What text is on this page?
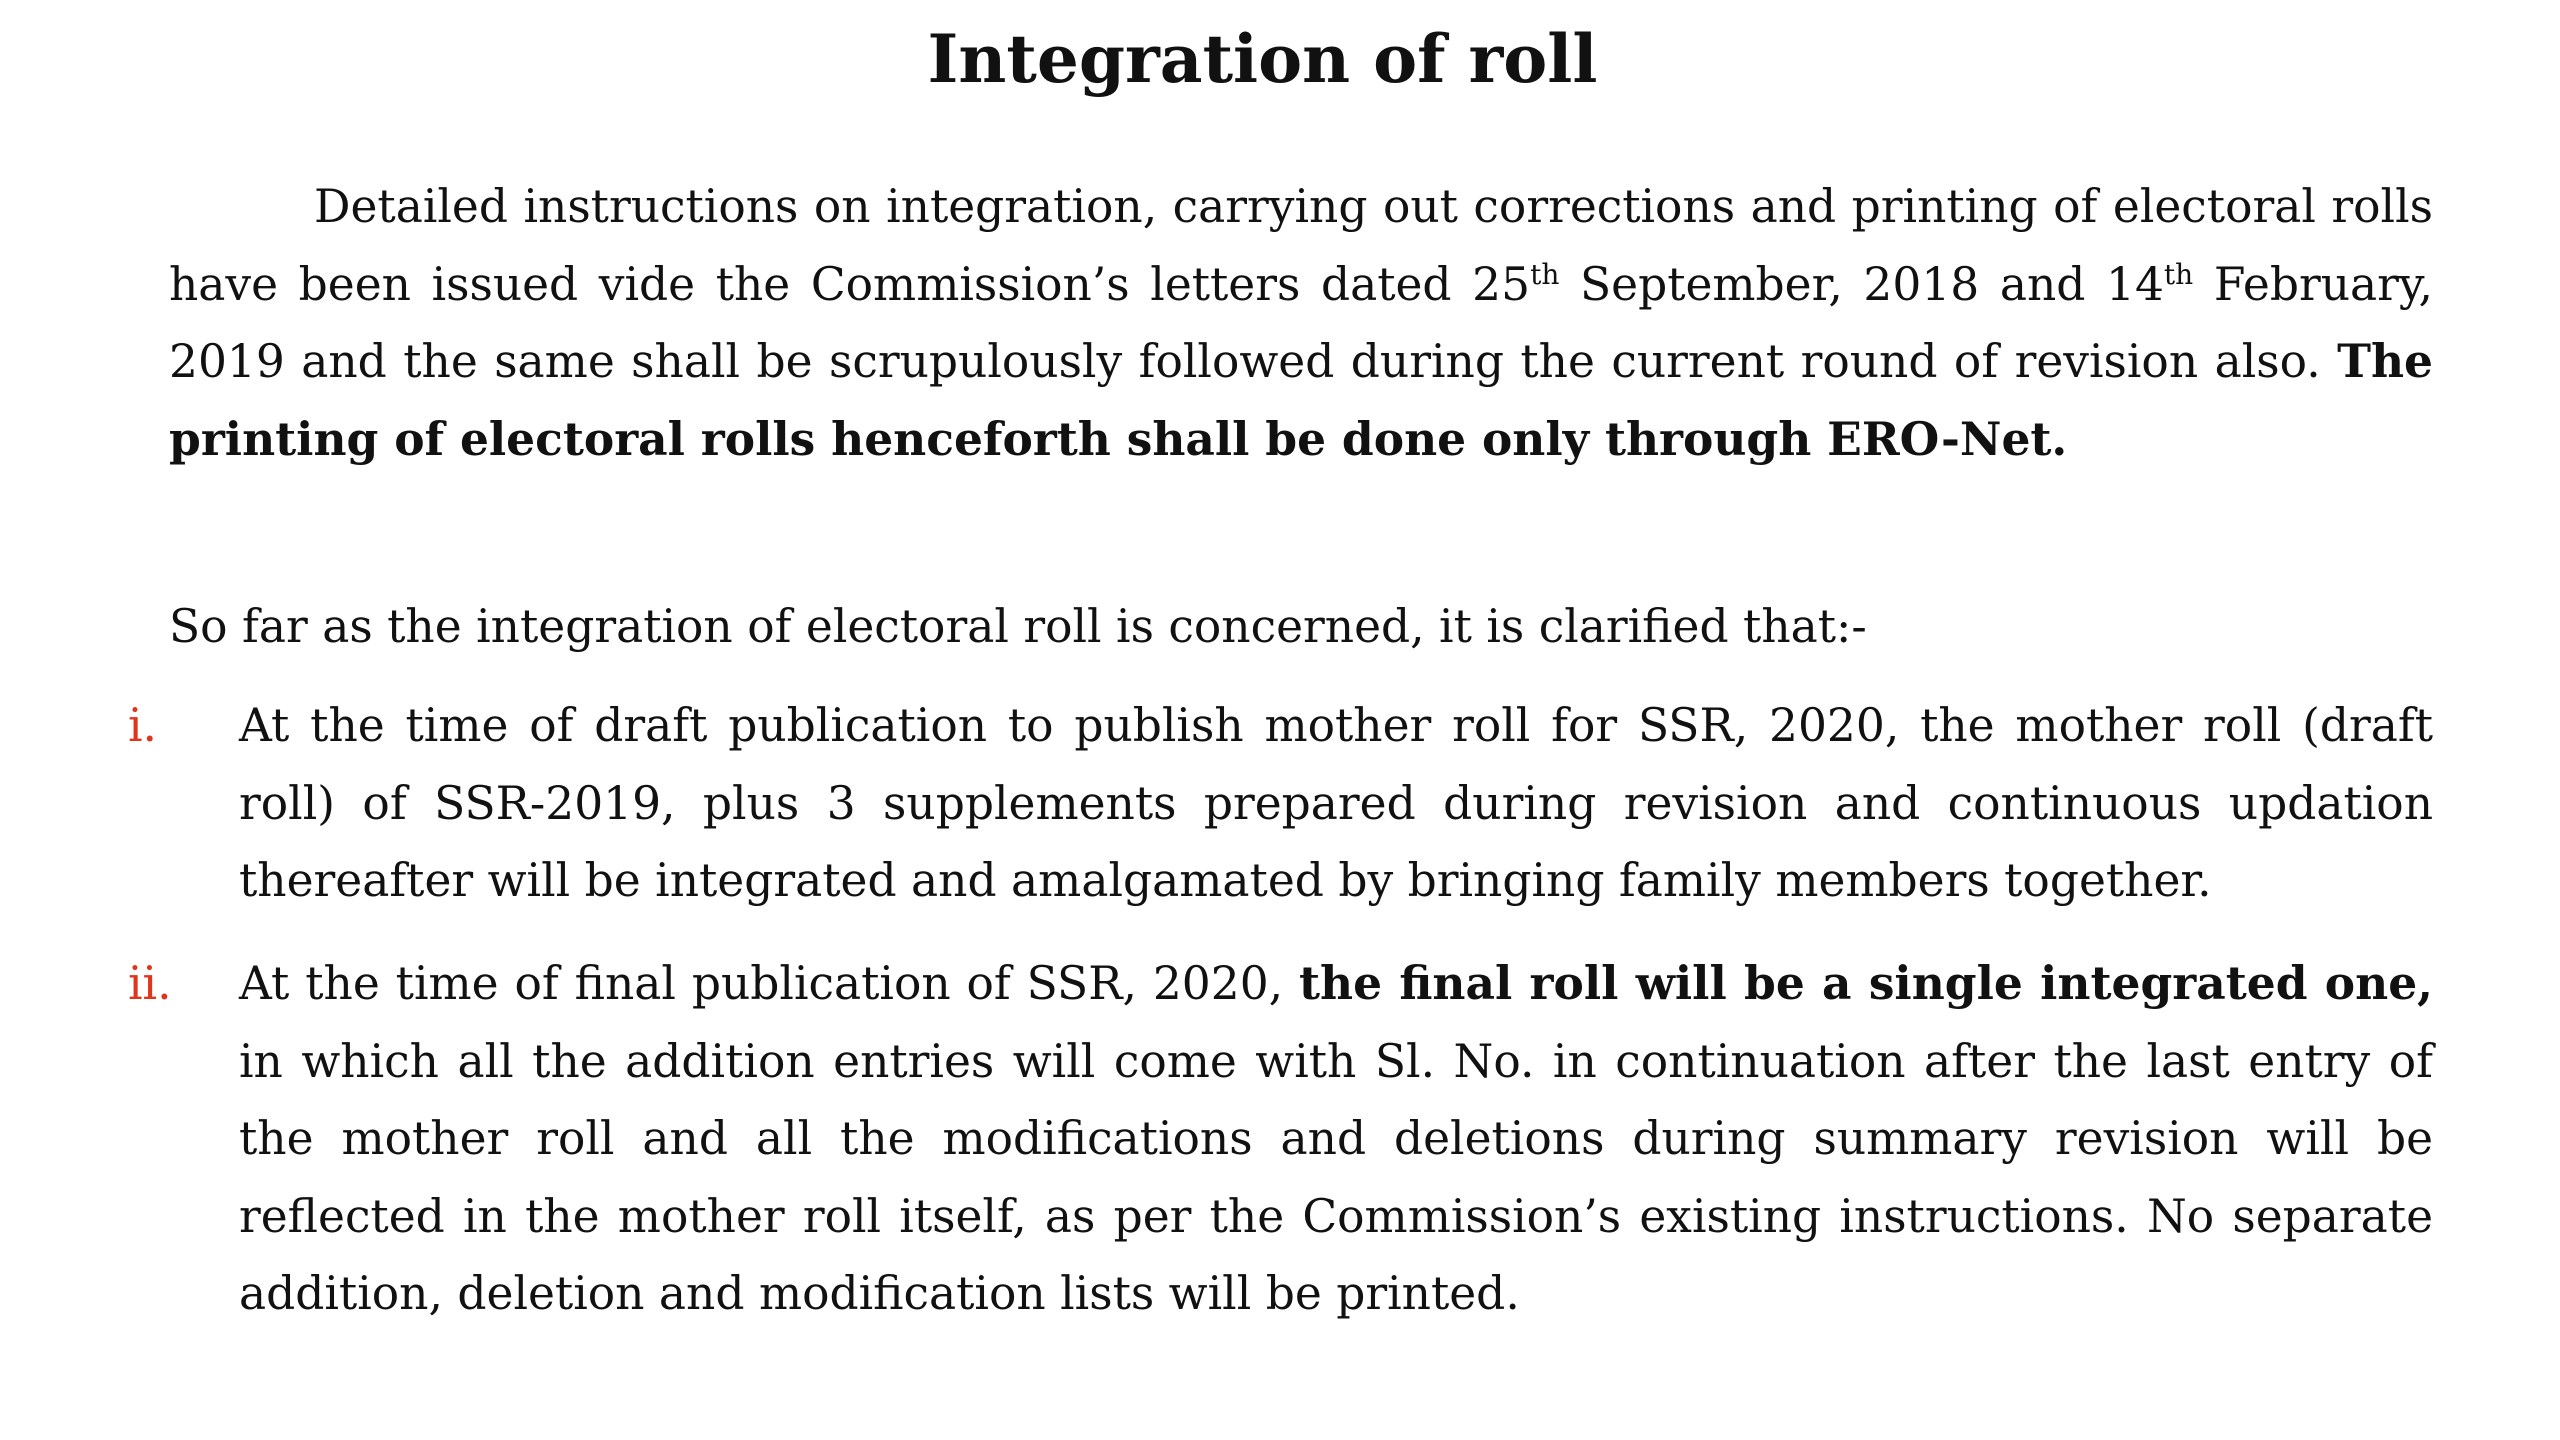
Integration of roll

Detailed instructions on integration, carrying out corrections and printing of electoral rolls have been issued vide the Commission’s letters dated 25th September, 2018 and 14th February, 2019 and the same shall be scrupulously followed during the current round of revision also. The printing of electoral rolls henceforth shall be done only through ERO-Net.

So far as the integration of electoral roll is concerned, it is clarified that:-

i. At the time of draft publication to publish mother roll for SSR, 2020, the mother roll (draft roll) of SSR-2019, plus 3 supplements prepared during revision and continuous updation thereafter will be integrated and amalgamated by bringing family members together.

ii. At the time of final publication of SSR, 2020, the final roll will be a single integrated one, in which all the addition entries will come with Sl. No. in continuation after the last entry of the mother roll and all the modifications and deletions during summary revision will be reflected in the mother roll itself, as per the Commission’s existing instructions. No separate addition, deletion and modification lists will be printed.
